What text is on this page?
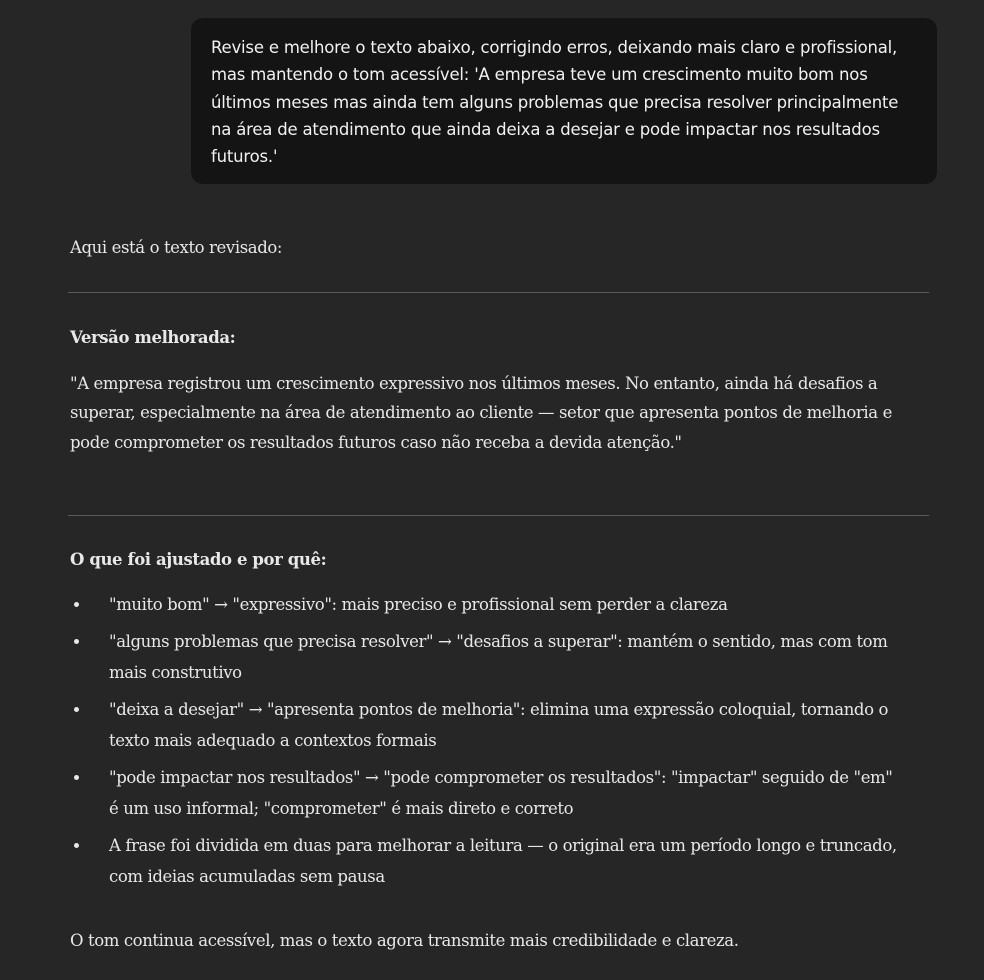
Revise e melhore o texto abaixo, corrigindo erros, deixando mais claro e profissional, mas mantendo o tom acessível: 'A empresa teve um crescimento muito bom nos últimos meses mas ainda tem alguns problemas que precisa resolver principalmente na área de atendimento que ainda deixa a desejar e pode impactar nos resultados futuros.'
Aqui está o texto revisado:
Versão melhorada:
"A empresa registrou um crescimento expressivo nos últimos meses. No entanto, ainda há desafios a superar, especialmente na área de atendimento ao cliente — setor que apresenta pontos de melhoria e pode comprometer os resultados futuros caso não receba a devida atenção."
O que foi ajustado e por quê:
"muito bom" → "expressivo": mais preciso e profissional sem perder a clareza
"alguns problemas que precisa resolver" → "desafios a superar": mantém o sentido, mas com tom mais construtivo
"deixa a desejar" → "apresenta pontos de melhoria": elimina uma expressão coloquial, tornando o texto mais adequado a contextos formais
"pode impactar nos resultados" → "pode comprometer os resultados": "impactar" seguido de "em" é um uso informal; "comprometer" é mais direto e correto
A frase foi dividida em duas para melhorar a leitura — o original era um período longo e truncado, com ideias acumuladas sem pausa
O tom continua acessível, mas o texto agora transmite mais credibilidade e clareza.
